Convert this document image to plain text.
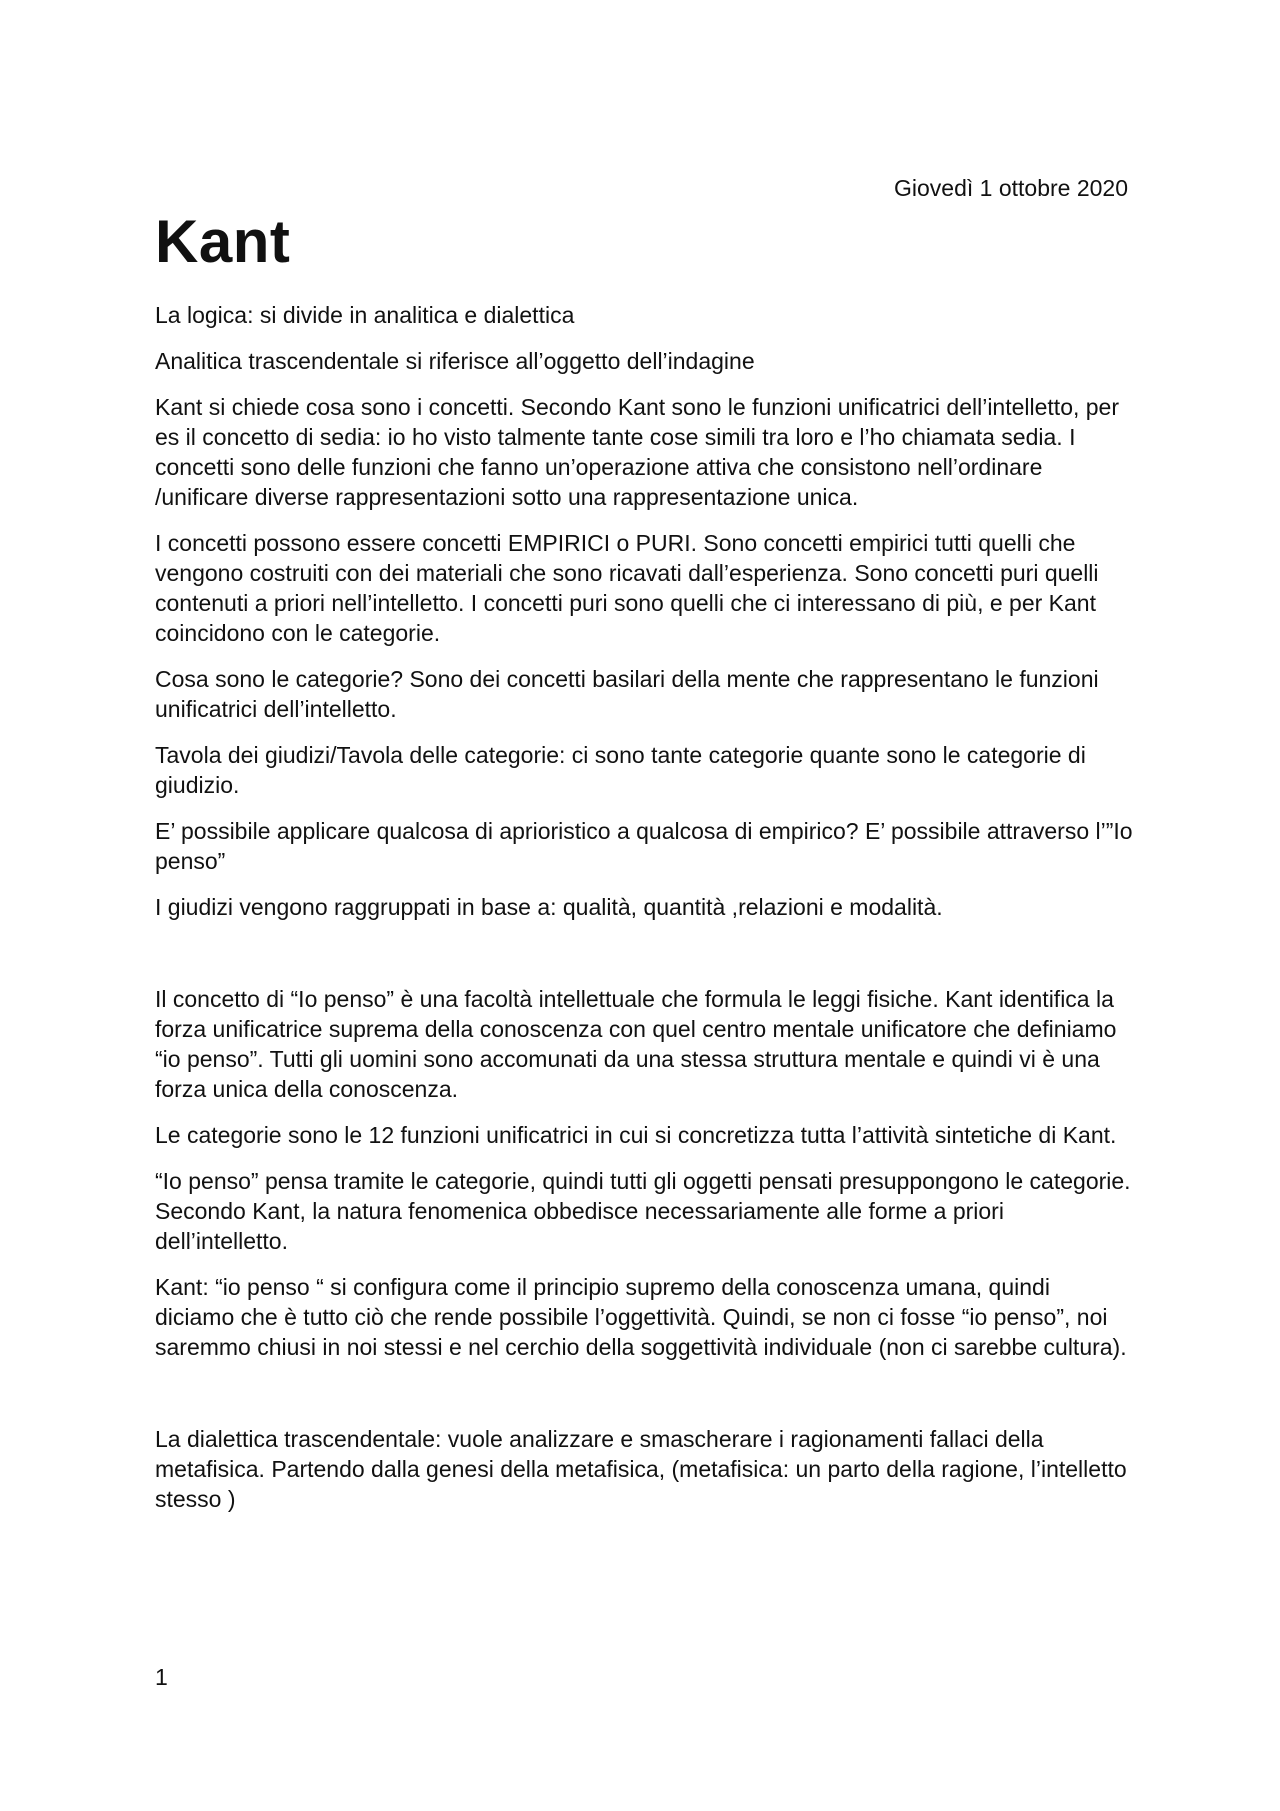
Giovedì 1 ottobre 2020
Kant

La logica: si divide in analitica e dialettica

Analitica trascendentale si riferisce all’oggetto dell’indagine

Kant si chiede cosa sono i concetti. Secondo Kant sono le funzioni unificatrici dell’intelletto, per es il concetto di sedia: io ho visto talmente tante cose simili tra loro e l’ho chiamata sedia. I concetti sono delle funzioni che fanno un’operazione attiva che consistono nell’ordinare /unificare diverse rappresentazioni sotto una rappresentazione unica.

I concetti possono essere concetti EMPIRICI o PURI. Sono concetti empirici tutti quelli che vengono costruiti con dei materiali che sono ricavati dall’esperienza. Sono concetti puri quelli contenuti a priori nell’intelletto. I concetti puri sono quelli che ci interessano di più, e per Kant coincidono con le categorie.

Cosa sono le categorie? Sono dei concetti basilari della mente che rappresentano le funzioni unificatrici dell’intelletto.

Tavola dei giudizi/Tavola delle categorie: ci sono tante categorie quante sono le categorie di giudizio.

E’ possibile applicare qualcosa di aprioristico a qualcosa di empirico? E’ possibile attraverso l’”Io penso”

I giudizi vengono raggruppati in base a: qualità, quantità ,relazioni e modalità.

Il concetto di “Io penso” è una facoltà intellettuale che formula le leggi fisiche. Kant identifica la forza unificatrice suprema della conoscenza con quel centro mentale unificatore che definiamo “io penso”. Tutti gli uomini sono accomunati da una stessa struttura mentale e quindi vi è una forza unica della conoscenza.

Le categorie sono le 12 funzioni unificatrici in cui si concretizza tutta l’attività sintetiche di Kant.

“Io penso” pensa tramite le categorie, quindi tutti gli oggetti pensati presuppongono le categorie. Secondo Kant, la natura fenomenica obbedisce necessariamente alle forme a priori dell’intelletto.

Kant: “io penso “ si configura come il principio supremo della conoscenza umana, quindi diciamo che è tutto ciò che rende possibile l’oggettività. Quindi, se non ci fosse “io penso”, noi saremmo chiusi in noi stessi e nel cerchio della soggettività individuale (non ci sarebbe cultura).

La dialettica trascendentale: vuole analizzare e smascherare i ragionamenti fallaci della metafisica. Partendo dalla genesi della metafisica, (metafisica: un parto della ragione, l’intelletto stesso )

1
